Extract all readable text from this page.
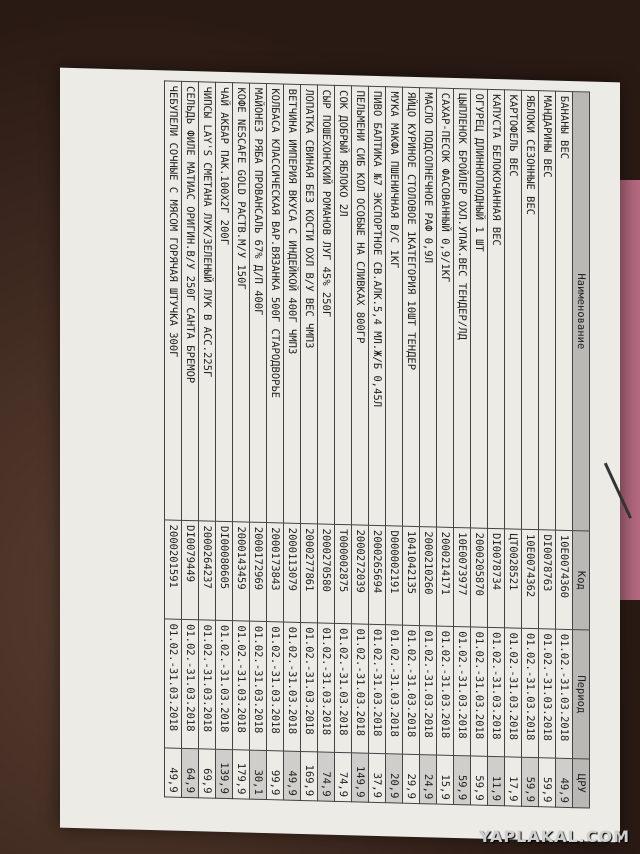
Наименование	Код	Период	ЦРУ
БАНАНЫ ВЕС	10Е0074360	01.02.-31.03.2018	49,9
МАНДАРИНЫ ВЕС	DI0078763	01.02.-31.03.2018	59,9
ЯБЛОКИ СЕЗОННЫЕ ВЕС	10Е0074362	01.02.-31.03.2018	59,9
КАРТОФЕЛЬ ВЕС	ЦТ0028521	01.02.-31.03.2018	17,9
КАПУСТА БЕЛОКОЧАННАЯ ВЕС	DI0078734	01.02.-31.03.2018	11,9
ОГУРЕЦ ДЛИННОПЛОДНЫЙ 1 ШТ	2000205870	01.02.-31.03.2018	59,9
ЦЫПЛЕНОК БРОЙЛЕР ОХЛ.УПАК.ВЕС ТЕНДЕР/ЛД	10Е0073977	01.02.-31.03.2018	59,9
САХАР-ПЕСОК ФАСОВАННЫЙ 0,9/1КГ	2000214171	01.02.-31.03.2018	15,9
МАСЛО ПОДСОЛНЕЧНОЕ РАФ 0,9Л	2000210260	01.02.-31.03.2018	24,9
ЯЙЦО КУРИНОЕ СТОЛОВОЕ 1КАТЕГОРИЯ 10ШТ ТЕНДЕР	1041042135	01.02.-31.03.2018	29,9
МУКА МАКФА ПШЕНИЧНАЯ В/С 1КГ	D000002191	01.02.-31.03.2018	20,9
ПИВО БАЛТИКА №7 ЭКСПОРТНОЕ СВ.АЛК.5,4 МЛ.Ж/Б 0,45Л	2000265694	01.02.-31.03.2018	37,9
ПЕЛЬМЕНИ СИБ КОЛ ОСОБЫЕ НА СЛИВКАХ 800ГР	2000272039	01.02.-31.03.2018	149,9
СОК ДОБРЫЙ ЯБЛОКО 2Л	T000002875	01.02.-31.03.2018	74,9
СЫР ПОШЕХОНСКИЙ РОМАНОВ ЛУГ 45% 250Г	2000270580	01.02.-31.03.2018	74,9
ЛОПАТКА СВИНАЯ БЕЗ КОСТИ ОХЛ В/У ВЕС ЧМПЗ	2000277861	01.02.-31.03.2018	169,9
ВЕТЧИНА ИМПЕРИЯ ВКУСА С ИНДЕЙКОЙ 400Г ЧМПЗ	2000113079	01.02.-31.03.2018	49,9
КОЛБАСА КЛАССИЧЕСКАЯ ВАР.ВЯЗАНКА 500Г СТАРОДВОРЬЕ	2000173843	01.02.-31.03.2018	99,9
МАЙОНЕЗ РЯБА ПРОВАНСАЛЬ 67% Д/П 400Г	2000172969	01.02.-31.03.2018	30,1
КОФЕ NESCAFE GOLD РАСТВ.М/У 150Г	2000143459	01.02.-31.03.2018	179,9
ЧАЙ АКБАР ПАК.100Х2Г 200Г	DI00080605	01.02.-31.03.2018	139,9
ЧИПСЫ LAY'S СМЕТАНА ЛУК/ЗЕЛЕНЫЙ ЛУК В АСС.225Г	2000264237	01.02.-31.03.2018	69,9
СЕЛЬДЬ ФИЛЕ МАТИАС ОРИГИН.В/У 250Г САНТА БРЕМОР	DI0079449	01.02.-31.03.2018	64,9
ЧЕБУПЕЛИ СОЧНЫЕ С МЯСОМ ГОРЯЧАЯ ШТУЧКА 300Г	2000201591	01.02.-31.03.2018	49,9
YAPLAKAL.COM
